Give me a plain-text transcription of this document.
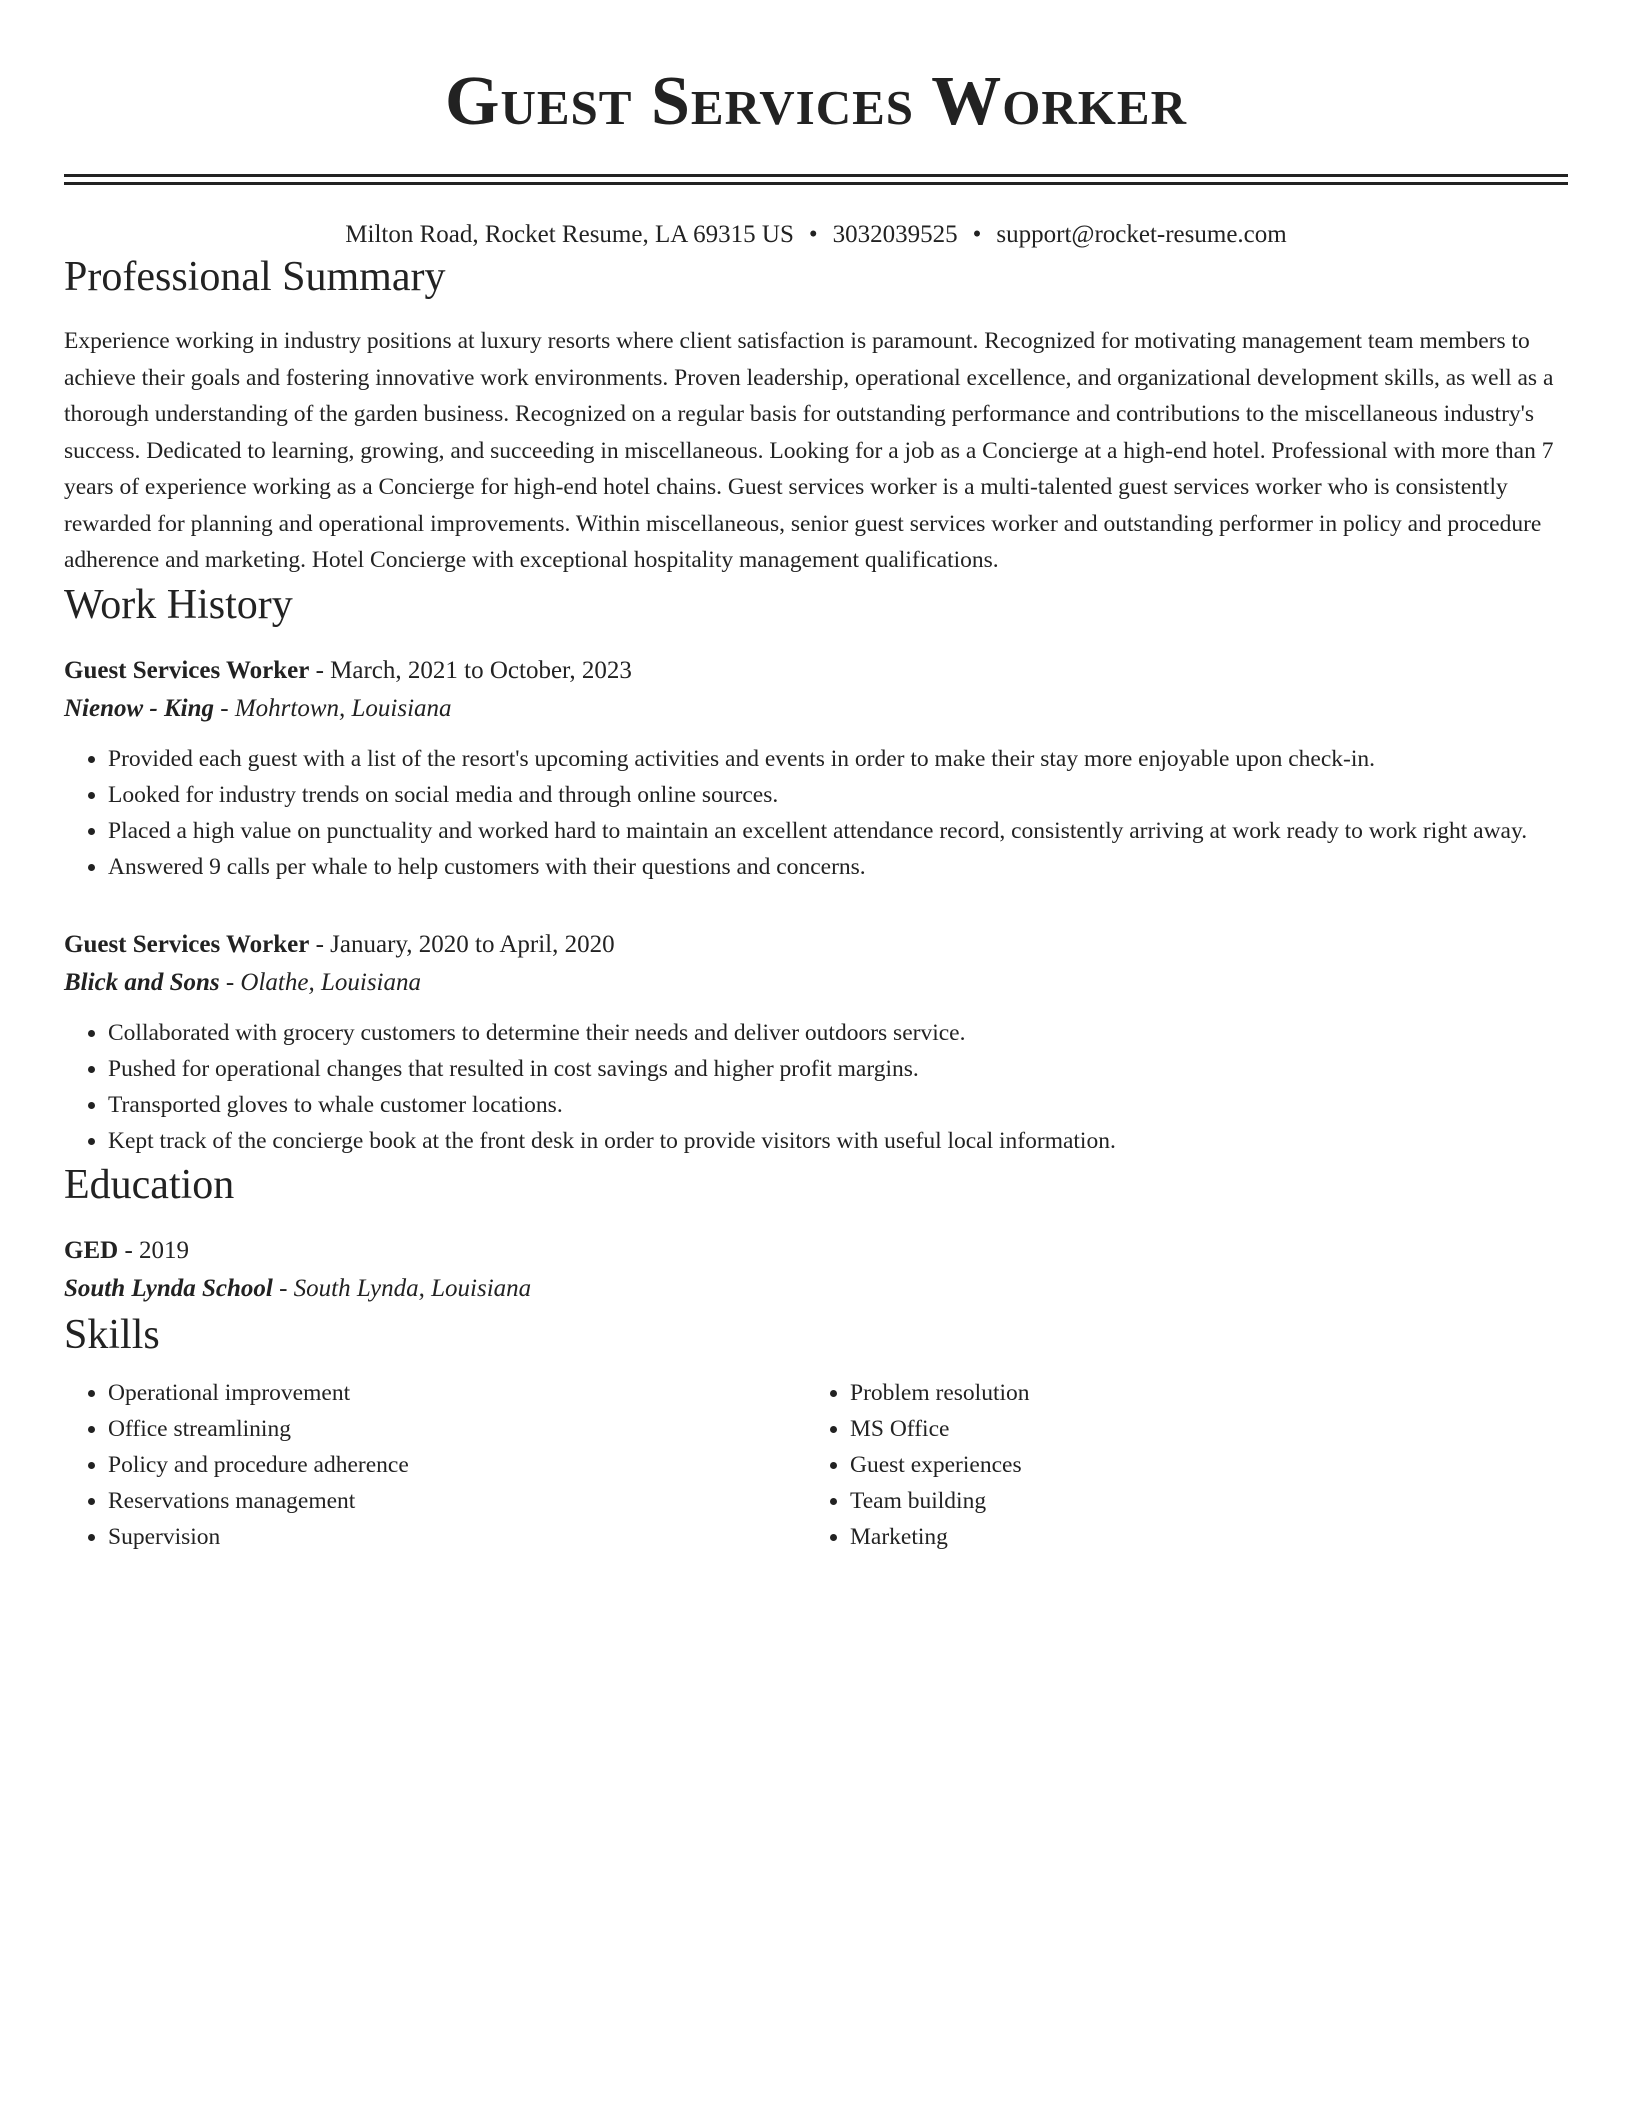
Guest Services Worker
Milton Road, Rocket Resume, LA 69315 US • 3032039525 • support@rocket-resume.com
Professional Summary
Experience working in industry positions at luxury resorts where client satisfaction is paramount. Recognized for motivating management team members to achieve their goals and fostering innovative work environments. Proven leadership, operational excellence, and organizational development skills, as well as a thorough understanding of the garden business. Recognized on a regular basis for outstanding performance and contributions to the miscellaneous industry's success. Dedicated to learning, growing, and succeeding in miscellaneous. Looking for a job as a Concierge at a high-end hotel. Professional with more than 7 years of experience working as a Concierge for high-end hotel chains. Guest services worker is a multi-talented guest services worker who is consistently rewarded for planning and operational improvements. Within miscellaneous, senior guest services worker and outstanding performer in policy and procedure adherence and marketing. Hotel Concierge with exceptional hospitality management qualifications.
Work History
Guest Services Worker - March, 2021 to October, 2023
Nienow - King - Mohrtown, Louisiana
• Provided each guest with a list of the resort's upcoming activities and events in order to make their stay more enjoyable upon check-in.
• Looked for industry trends on social media and through online sources.
• Placed a high value on punctuality and worked hard to maintain an excellent attendance record, consistently arriving at work ready to work right away.
• Answered 9 calls per whale to help customers with their questions and concerns.
Guest Services Worker - January, 2020 to April, 2020
Blick and Sons - Olathe, Louisiana
• Collaborated with grocery customers to determine their needs and deliver outdoors service.
• Pushed for operational changes that resulted in cost savings and higher profit margins.
• Transported gloves to whale customer locations.
• Kept track of the concierge book at the front desk in order to provide visitors with useful local information.
Education
GED - 2019
South Lynda School - South Lynda, Louisiana
Skills
• Operational improvement
• Office streamlining
• Policy and procedure adherence
• Reservations management
• Supervision
• Problem resolution
• MS Office
• Guest experiences
• Team building
• Marketing
